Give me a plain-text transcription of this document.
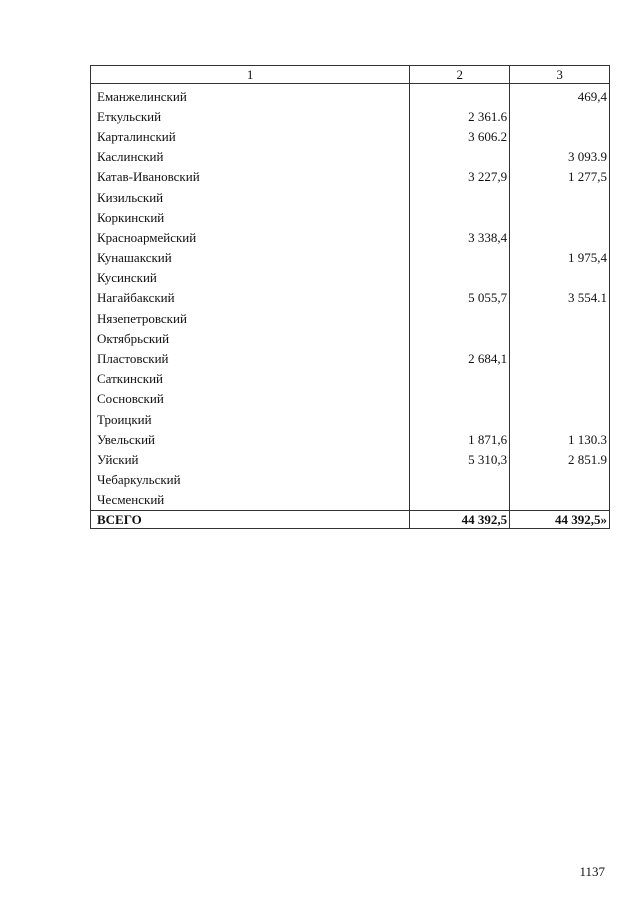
1	2	3
Еманжелинский		469,4
Еткульский	2 361.6	
Карталинский	3 606.2	
Каслинский		3 093.9
Катав-Ивановский	3 227,9	1 277,5
Кизильский		
Коркинский		
Красноармейский	3 338,4	
Кунашакский		1 975,4
Кусинский		
Нагайбакский	5 055,7	3 554.1
Нязепетровский		
Октябрьский		
Пластовский	2 684,1	
Саткинский		
Сосновский		
Троицкий		
Увельский	1 871,6	1 130.3
Уйский	5 310,3	2 851.9
Чебаркульский		
Чесменский		
ВСЕГО	44 392,5	44 392,5»
1137
